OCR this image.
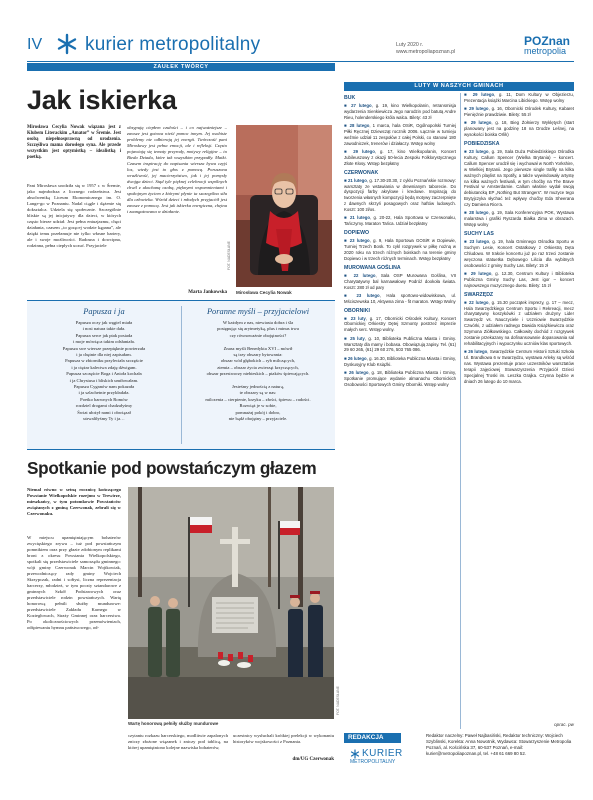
IV kurier metropolitalny	Luty 2020 r.
www.metropoliapoznan.pl
POZnan
metropolia
ZAUŁEK TWÓRCY
Jak iskierka
Mirosława Cecylia Nowak wiązana jest z Klubem Literackim „Amator” w Śremie. Jest osobą niepełnosprawną od urodzenia. Szczęśliwa mama dorosłego syna. Ale przede wszystkim jest optymistką – idealistką i poetką.
Pani Mirosława urodziła się w 1957 r. w Śremie, jako najmłodsza z licznego rodzeństwa. Jest absolwentką Liceum Ekonomicznego im. O. Lange-go w Poznaniu. Nadal ciągle i dążenie się doksztalca. Udziela się społecznie. Szczególnie bliskie są jej inicjatywy dla dzieci, w których często bierze udział. Jest pełna entuzjazmu, chęci działania, czasem „to gorącej wodzie kąpana”, ale dzięki temu przełamuje nie tylko własne bariery, ale i swoje możliwości. Radosna i dowcipna, rodzinna, pełna ciepłych uczuć. Przyjaciele
obsypują ciepłem czułości – i co najważniejsze – zawsze jest gotowa nieść pomoc innym. Jej osobiste problemy nie odbierają jej energii. Twórczość pani Mirosławy jest pełna emocji, ale i refleksji. Często pojawiają się tematy przyrody, motywy religijne – to Bieda Dziadu, które tak wszystkim przypadły. Matki. Czasem inspirację do napisania wiersza bywa czyjś los, wtedy jest to głos z pomocą. Poruszona wrażliwość, jej macierzyństwo, jak i jej pomysły dwojga dzieci. Stąd tyle pięknej celebracji wspólnych chwil z ukochaną osobą, pięknymi wspomnieniami i spokojnym życiem z którymi płynie ta szczególna siła dla człowieka. Wśród dzieci i młodych przyjaciół jest zawsze z pomocą. Jest jak iskierka energiczna, chętna i zaangażowana w działanie.
Marta Jankowska
FOT. NADESŁANE
Mirosława Cecylia Nowak
Papusza i ja
Papusza oczy jak węgiel miała
i nosi natura takie dała.
Papusza serce jak ptak posiada
i moje mówiąca takim odsłaniała.
Papusza swe wiersze przepięknie powierzała
i ja chętnie dla niej zapisałam.
Papusza w zbiorniku przyleciała szczęście
i ja ciężar kalectwa zdaję dźwigam.
Papusza szczęście Boga i Anioła kochała
i ja Chrystusa i bliskich umiłowałam.
Papusza Cyganów nam pokazała
i ja szlachetnie przykładała.
Poetko barwnych Romów
rozdziel drogami chadzałyśmy
Świat ułożył nami i obwiązał
utrwaliłyśmy Ty i ja…
Poranne myśli – przyjacielowi
W każdym z nas, niewiasta dobra i śla
postępując się arytmetyką, plus i minus trwa
czy równoważnie obojętności?

Znasz myśli Benedykta XVI – mówił
są trzy obszary bytowania:
obszar wód głębokich – ryb milczących,
ziemia – obszar życia zwierząt krzyczących,
obszar przestworzy niebieskich – ptaków śpiewających.

Jesteśmy jednością z naturą,
te obszary są w nas:
milczenia – cierpienie, krzyku – złości, śpiewu – radości.
Rozwiąż je w sobie,
pomnażaj pokój i dobro,
nie bądź obojętny – przyjaciele.
Spotkanie pod powstańczym głazem
Niemal równo w setną rocznicę kończącego Powstanie Wielkopolskie rozejmu w Trewirze, mieszkańcy, w tym potomkowie Powstańców zwiążanych z gminą Czerwonak, zebrali się w Czerwonaku.
W miejscu upamiętniającym bohaterów zwycięskiego zrywu – tuż pod powstańczym pomnikiem oraz przy głazie zdobionym replikami broni z okresu Powstania Wielkopolskiego, spotkali się przedstawiciele samorządu gminnego: wójt gminy Czerwonak Marcin Wojtkowiak, przewodniczący rady gminy Wojciech Skrzypczak, radni i sołtysi, liczna reprezentacja harcerzy, młodzież, w tym poczty sztandarowe z gminnych Szkół Podstawowych oraz przedstawiciele rodzin powstańczych. Wartę honorową pełnili służby mundurowe: przedstawiciele Zakładu Karnego w Koziegłowach, Straży Gminnej oraz harcerstwa. Po okolicznościowych przemówieniach, odśpiewaniu hymnu państwowego, od-
FOT. NADESŁANE
Wartę honorową pełniły służby mundurowe
czytaniu rozkazu harcerskiego, modlitwie zapalonych zniczy złożone wiązanek i zniczy pod tablicą, na której upamiętniono kolejne nazwiska bohaterów,
uczestnicy wysłuchali krótkiej prelekcji w wykonaniu historyków wojskowości z Poznania.
dm/UG Czerwonak
LUTY W NASZYCH GMINACH
BUK
■ 27 lutego, g. 19, kino Wielkopolanin, retransmisja wydarzenia Sienkiewicza Jego narodzin pod batutą Andre Rieu, holenderskiego króla walca. Bilety: 43 zł
■ 28 lutego, 1 marca, hala OSiR, Ogólnopolski Turniej Piłki Ręcznej Dziewcząt rocznik 2006. Łącznie w turnieju weźmie udział 11 zespołów z całej Polski, co stanowi 180 zawodniczek, trenerów i działaczy. Wstęp wolny
■ 29 lutego, g. 17, kino Wielkopolanin, Koncert Jubileuszowy z okazji 50-lecia Zespołu Folklorystycznego Złote Kłosy. Wstęp bezpłatny
CZERWONAK
■ 21 lutego, g. 17.30-20.30, z cyklu Poznańskie rozmowy: warsztaty ze wstawiania w drewnianym taborecie. Do dyspozycji farby akrylowe i kredowe. Inspiracją do tworzenia własnych kompozycji będą motywy zaczerpnięte z dawnych skrzyń posagowych oraz haftów ludowych. Koszt: 100 zł/os.
■ 21 lutego, g. 20-22, Hala Sportowa w Czerwonaku, Tańczymy. Maraton Tańca. Udział bezpłatny
DOPIEWO
■ 23 lutego, g. 9, Hala Sportowa GOSiR w Dopiewie, Turniej Trzech Bosk. To cykl rozgrywek w piłkę nożną w 2020 roku na trzech różnych boiskach na terenie gminy Dopiewo i w trzech różnych terminach. Wstęp bezpłatny
MUROWANA GOŚLINA
■ 22 lutego, Sala OSP Murowana Goślina, VII Charytatywny bal karnawałowy Podróż dookoła świata. Koszt: 280 zł od pary
■ 23 lutego, Hala sportowo-widowiskowa, ul. Mściszewska 10, Aktywna zima - fit maraton. Wstęp Wolny
OBORNIKI
■ 23 luty, g. 17, Obornicki Ośrodek Kultury, Koncert Obornickiej Orkiestry Dętej Szmonty postrzeż imprezie małych serc. Wstęp wolny.
■ 25 luty, g. 10, Biblioteka Publiczna Miasta i Gminy. Warsztaty dla mamy i bobasa. Obowiązują zapisy. Tel. (61) 29 60 265, (61) 29 60 276, 503 765 086.
■ 26 lutego, g. 16.30, Biblioteka Publiczna Miasta i Gminy, Dyskusyjny Klub Książki.
■ 26 lutego, g. 18, Biblioteka Publiczna Miasta i Gminy, Spotkanie promujące wydanie almanachu Obornickich Osobowości Sportowych Gminy Oborniki. Wstęp wolny
■ 29 lutego, g. 11, Dom Kultury w Objezierzu, Prezentacja książki Marcina Libickiego. Wstęp wolny
■ 29 lutego, g. 16, Obornicki Ośrodek Kultury, Kabaret Pieniężnie prawdziwie. Bilety: 55 zł
■ 29 lutego, g. 18, Bieg Żołnierzy Wyklętych (start planowany jest na godzinę 18 na Drodze Leśnej, na wysokości boiska Orlik)
POBIEDZISKA
■ 23 lutego, g. 19, Sala Duża Pobiedziskiego Ośrodka Kultury, Callum Spencer (Wielka Brytania) – koncert. Callum Spencer urodził się i wychował w North Yorkshire, w Wielkiej Brytanii. Jego pierwsze single trafiły na kilka ważnych playlist na Spotify, a także wywindowały artystę na kilka ważnych festiwali, w tym choćby na The Brave Festival w Amsterdamie. Callum właśnie wydał swoją debiutancką EP „Nothing But Strangers”. W muzyce tego Brytyjczyka słychać też wpływy choćby Eda Sheerana czy Damiena Rice'a.
■ 28 lutego, g. 19, Sala Konferencyjna POK, Wystawa malarstwa i grafiki Ryszarda Białka Zima w obrazach. Wstęp wolny
SUCHY LAS
■ 23 lutego, g. 19, hala Gminnego Ośrodka Sportu w Suchym Lesie, Koncert Ostatkowy z Orkiestrą Dęta Chludowo. W trakcie koncertu już po raz trzeci zostanie wręczona statuetka Dębowego Liścia dla wybitnych osobowości z gminy Suchy Las. Bilety: 15 zł
■ 29 lutego, g. 12.30, Centrum Kultury i Biblioteka Publiczna Gminy Suchy Las, Jest igor – koncert najnowszego muzycznego duetu. Bilety: 15 zł
SWARZĘDZ
■ 22 lutego, g. 15.30 początek imprezy, g. 17 – mecz, Hala Swarzędzkiego Centrum Sportu i Rekreacji, mecz charytatywny koszykówki z udziałem drużyny Lider Swarzędz vs. Nauczyciele i Uczniowie Swarzędzkie Czwórki, z udziałem radnego Dawida Książkiewicza oraz Szymona Ziółkowskiego. Całkowity dochód z rozgrywek zostanie przekazany na dofinansowanie dopasowania sal rehabilitacyjnych i wypoczynku uczniów klas sportowych.
■ 26 lutego, Swarzędzkie Centrum Historii Sztuki Szkoła Ul. Brandkowa 6 w Swarzędzu, wystawa Arleky są wśród nas. Wystawa prezentuje prace uczestników warsztatów terapii zajęciowej Stowarzyszenia Przyjaciół Dzieci Specjalnej Troski im. Leszka Grajka. Czynna będzie w dniach 26 lutego do 10 marca.
oprac. pw
REDAKCJA
KURIER
METROPOLITALNY
Redaktor naczelny: Paweł Najbasiński, Redaktor techniczny: Wojciech Szyblinski, Korekta: Anna Nowotnik, Wydawca: Stowarzyszenie Metropolia Poznań, al. Kościńska 37, 60-537 Poznań, e-mail: kurier@metropoliapoznan.pl, tel. +48 61 669 80 52.
